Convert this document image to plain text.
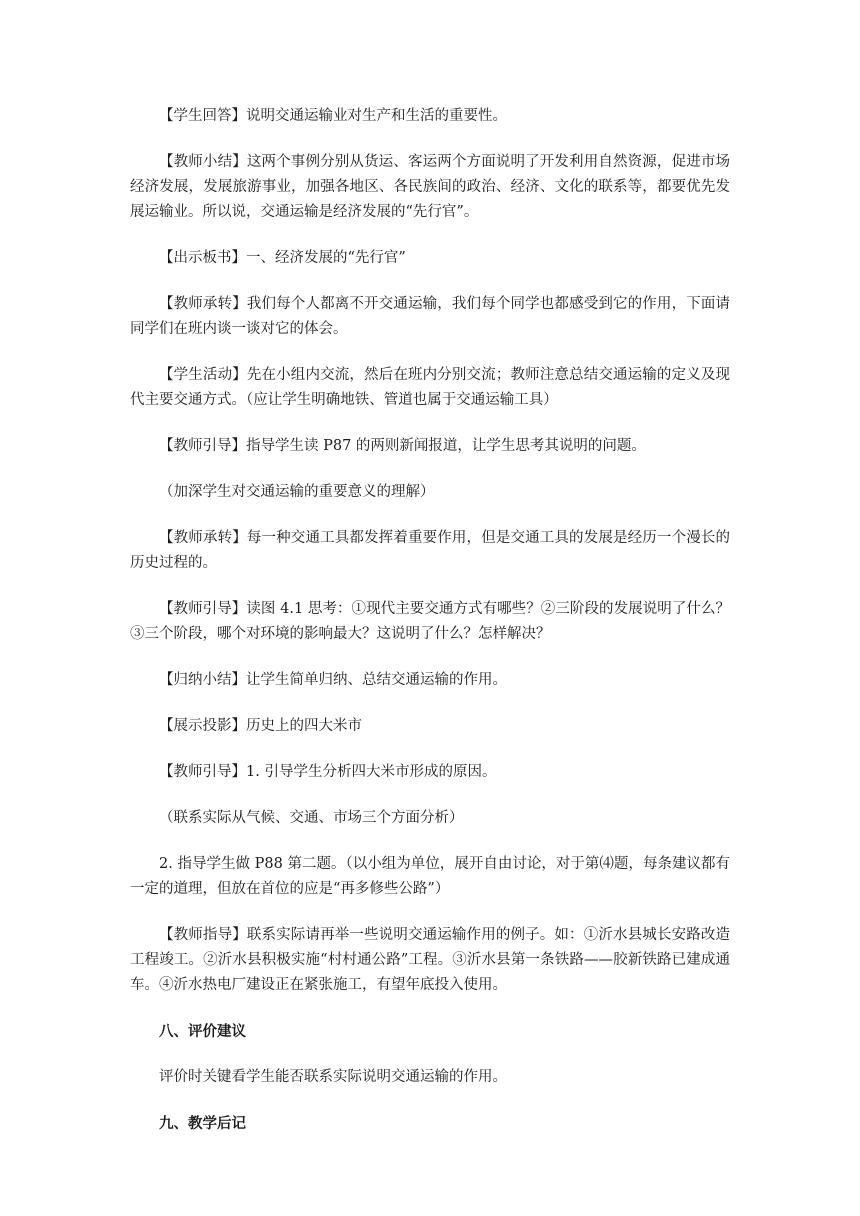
【学生回答】说明交通运输业对生产和生活的重要性。

【教师小结】这两个事例分别从货运、客运两个方面说明了开发利用自然资源，促进市场经济发展，发展旅游事业，加强各地区、各民族间的政治、经济、文化的联系等，都要优先发展运输业。所以说，交通运输是经济发展的“先行官”。

【出示板书】一、经济发展的“先行官”

【教师承转】我们每个人都离不开交通运输，我们每个同学也都感受到它的作用，下面请同学们在班内谈一谈对它的体会。

【学生活动】先在小组内交流，然后在班内分别交流；教师注意总结交通运输的定义及现代主要交通方式。（应让学生明确地铁、管道也属于交通运输工具）

【教师引导】指导学生读 P87 的两则新闻报道，让学生思考其说明的问题。

（加深学生对交通运输的重要意义的理解）

【教师承转】每一种交通工具都发挥着重要作用，但是交通工具的发展是经历一个漫长的历史过程的。

【教师引导】读图 4.1 思考：①现代主要交通方式有哪些？②三阶段的发展说明了什么？③三个阶段，哪个对环境的影响最大？这说明了什么？怎样解决？

【归纳小结】让学生简单归纳、总结交通运输的作用。

【展示投影】历史上的四大米市

【教师引导】1. 引导学生分析四大米市形成的原因。

（联系实际从气候、交通、市场三个方面分析）

2. 指导学生做 P88 第二题。（以小组为单位，展开自由讨论，对于第⑷题，每条建议都有一定的道理，但放在首位的应是“再多修些公路”）

【教师指导】联系实际请再举一些说明交通运输作用的例子。如：①沂水县城长安路改造工程竣工。②沂水县积极实施“村村通公路”工程。③沂水县第一条铁路——胶新铁路已建成通车。④沂水热电厂建设正在紧张施工，有望年底投入使用。

八、评价建议

评价时关键看学生能否联系实际说明交通运输的作用。

九、教学后记
